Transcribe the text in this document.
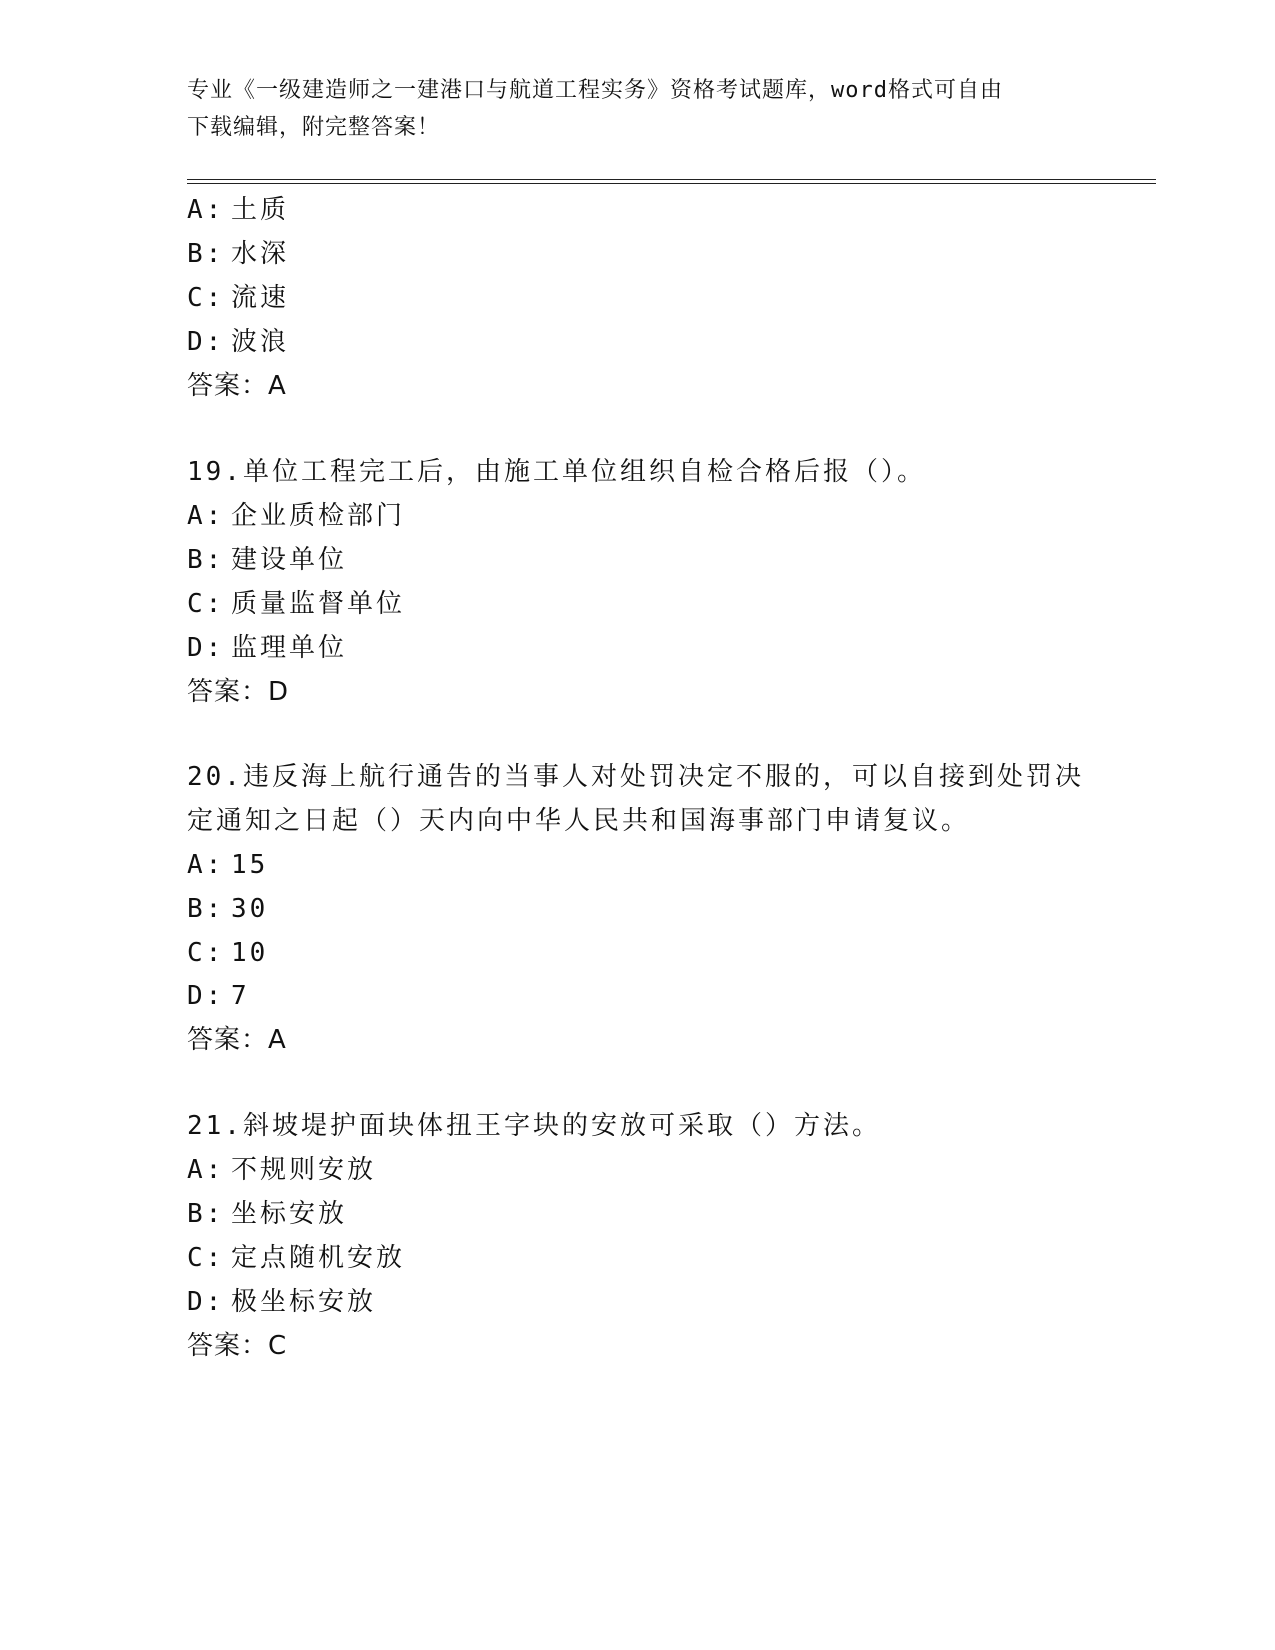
专业《一级建造师之一建港口与航道工程实务》资格考试题库，word格式可自由
下载编辑，附完整答案！
A: 土质
B: 水深
C: 流速
D: 波浪
答案：A
19.单位工程完工后，由施工单位组织自检合格后报（）。
A: 企业质检部门
B: 建设单位
C: 质量监督单位
D: 监理单位
答案：D
20.违反海上航行通告的当事人对处罚决定不服的，可以自接到处罚决
定通知之日起（）天内向中华人民共和国海事部门申请复议。
A: 15
B: 30
C: 10
D: 7
答案：A
21.斜坡堤护面块体扭王字块的安放可采取（）方法。
A: 不规则安放
B: 坐标安放
C: 定点随机安放
D: 极坐标安放
答案：C
